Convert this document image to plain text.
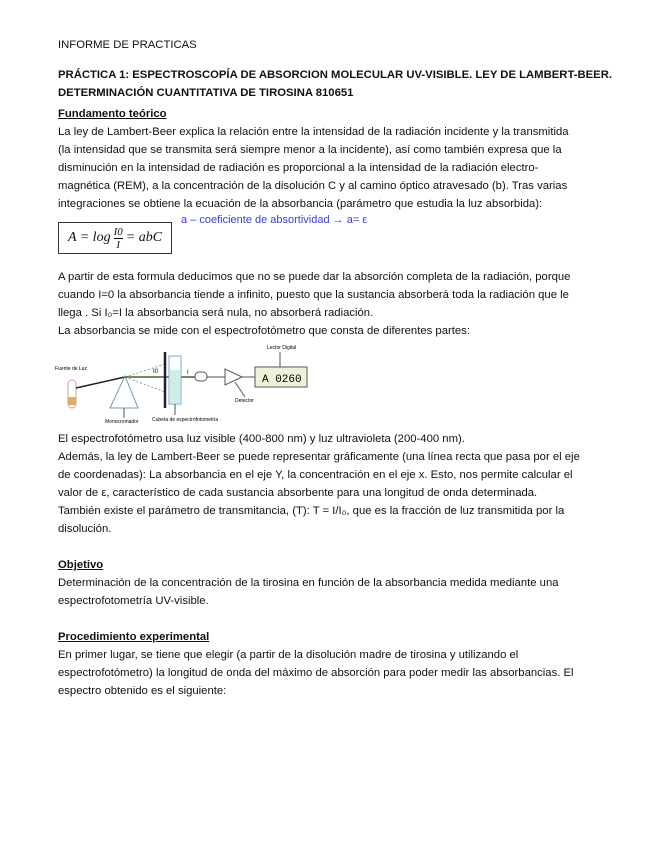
INFORME DE PRACTICAS
PRÁCTICA 1: ESPECTROSCOPÍA DE ABSORCION MOLECULAR UV-VISIBLE. LEY DE LAMBERT-BEER.
DETERMINACIÓN CUANTITATIVA DE TIROSINA 810651
Fundamento teórico
La ley de Lambert-Beer explica la relación entre la intensidad de la radiación incidente y la transmitida
(la intensidad que se transmita será siempre menor a la incidente), así como también expresa que la
disminución en la intensidad de radiación es proporcional a la intensidad de la radiación electro-
magnética (REM), a la concentración de la disolución C y al camino óptico atravesado (b). Tras varias
integraciones se obtiene la ecuación de la absorbancia (parámetro que estudia la luz absorbida):
$A = \log \frac{I0}{I}$ = abC
a – coeficiente de absortividad → a= ε
A partir de esta formula deducimos que no se puede dar la absorción completa de la radiación, porque
cuando I=0 la absorbancia tiende a infinito, puesto que la sustancia absorberá toda la radiación que le
llega . Si I₀=I la absorbancia será nula, no absorberá radiación.
La absorbancia se mide con el espectrofotómetro que consta de diferentes partes:
Fuente de Luz	I0	I
A 0260
Lector Digital
Detector
Monocromador	Cubeta de espectrofotometría
El espectrofotómetro usa luz visible (400-800 nm) y luz ultravioleta (200-400 nm).
Además, la ley de Lambert-Beer se puede representar gráficamente (una línea recta que pasa por el eje
de coordenadas): La absorbancia en el eje Y, la concentración en el eje x. Esto, nos permite calcular el
valor de ε, característico de cada sustancia absorbente para una longitud de onda determinada.
También existe el parámetro de transmitancia, (T): T = I/I₀, que es la fracción de luz transmitida por la
disolución.
Objetivo
Determinación de la concentración de la tirosina en función de la absorbancia medida mediante una
espectrofotometría UV-visible.
Procedimiento experimental
En primer lugar, se tiene que elegir (a partir de la disolución madre de tirosina y utilizando el
espectrofotómetro) la longitud de onda del máximo de absorción para poder medir las absorbancias. El
espectro obtenido es el siguiente:
